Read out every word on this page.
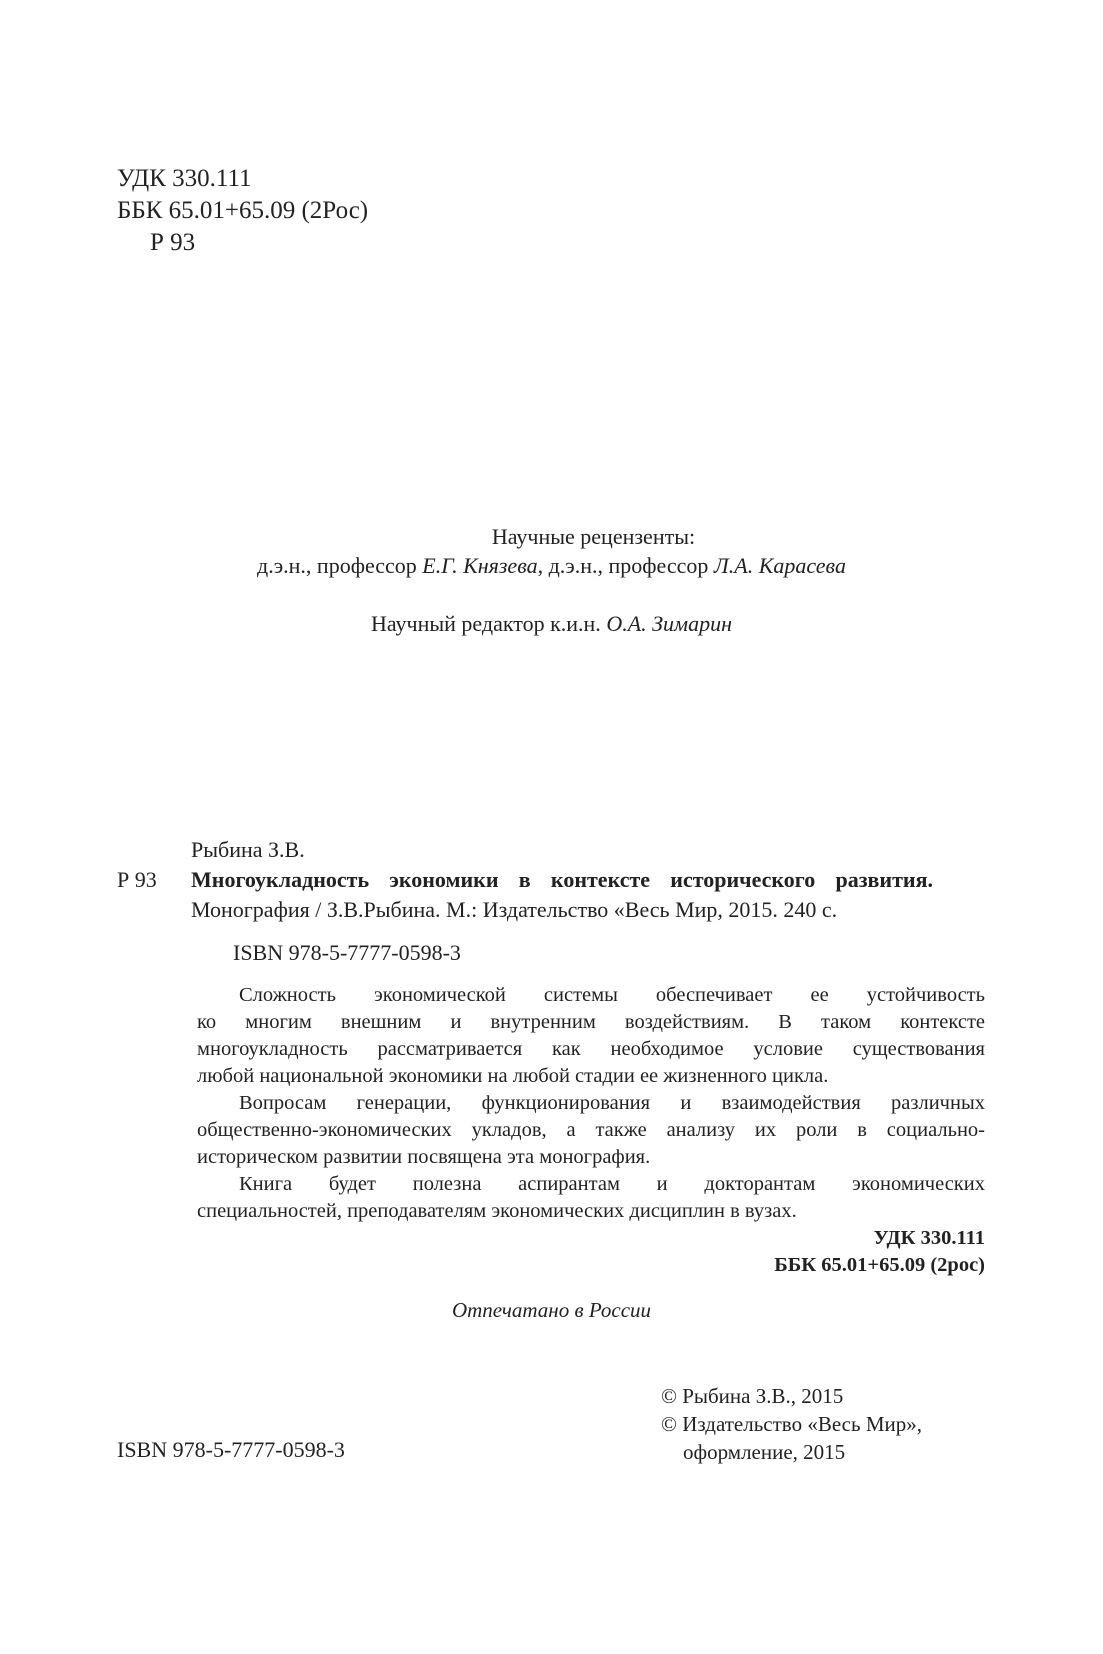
УДК 330.111
ББК 65.01+65.09 (2Рос)
Р 93
Научные рецензенты:
д.э.н., профессор Е.Г. Князева, д.э.н., профессор Л.А. Карасева
Научный редактор к.и.н. О.А. Зимарин
Рыбина З.В.
Р 93 Многоукладность экономики в контексте исторического развития.
Монография / З.В.Рыбина. М.: Издательство «Весь Мир, 2015. 240 с.
ISBN 978-5-7777-0598-3
Сложность экономической системы обеспечивает ее устойчивость
ко многим внешним и внутренним воздействиям. В таком контексте
многоукладность рассматривается как необходимое условие существования
любой национальной экономики на любой стадии ее жизненного цикла.
Вопросам генерации, функционирования и взаимодействия различных
общественно-экономических укладов, а также анализу их роли в социально-
историческом развитии посвящена эта монография.
Книга будет полезна аспирантам и докторантам экономических
специальностей, преподавателям экономических дисциплин в вузах.
УДК 330.111
ББК 65.01+65.09 (2рос)
Отпечатано в России
© Рыбина З.В., 2015
© Издательство «Весь Мир»,
оформление, 2015
ISBN 978-5-7777-0598-3
